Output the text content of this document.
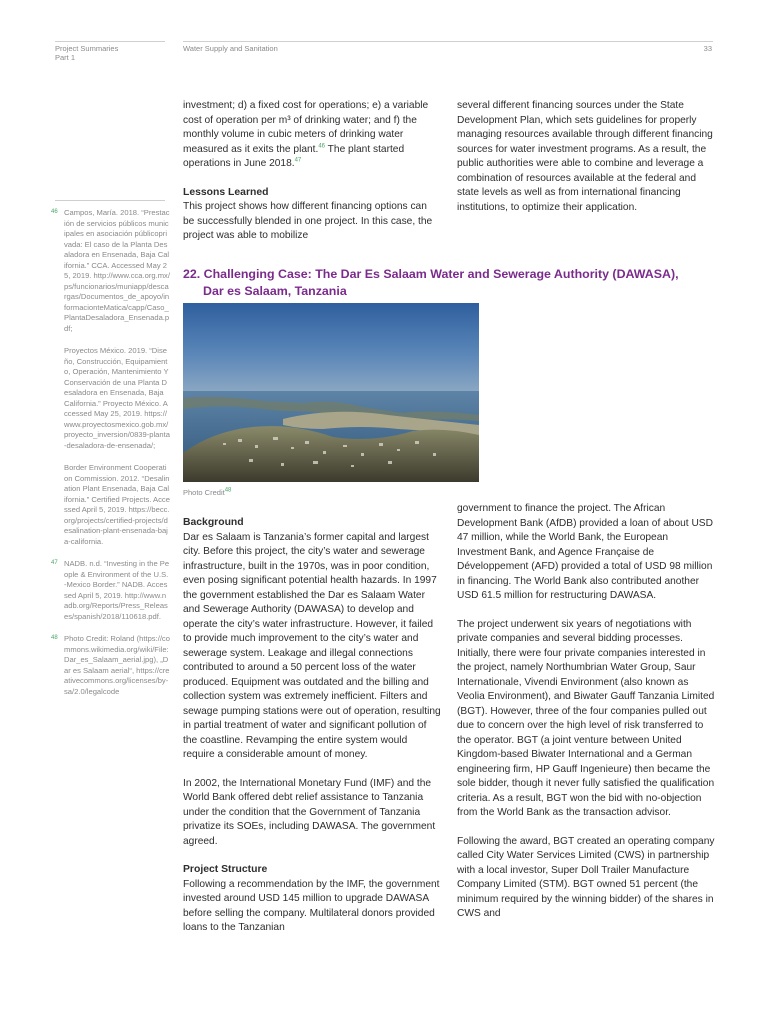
Project Summaries
Part 1
Water Supply and Sanitation	33
46 Campos, María. 2018. “Prestación de servicios públicos municipales en asociación públicoprivada: El caso de la Planta Desaladora en Ensenada, Baja California.” CCA. Accessed May 25, 2019. http://www.cca.org.mx/ps/funcionarios/muniapp/descargas/Documentos_de_apoyo/informacionteMatica/capp/Caso_PlantaDesaladora_Ensenada.pdf;
Proyectos México. 2019. “Diseño, Construcción, Equipamiento, Operación, Mantenimiento Y Conservación de una Planta Desaladora en Ensenada, Baja California.” Proyecto México. Accessed May 25, 2019. https://www.proyectosmexico.gob.mx/proyecto_inversion/0839-planta-desaladora-de-ensenada/;
Border Environment Cooperation Commission. 2012. “Desalination Plant Ensenada, Baja California.” Certified Projects. Accessed April 5, 2019. https://becc.org/projects/certified-projects/desalination-plant-ensenada-baja-california.
47 NADB. n.d. “Investing in the People & Environment of the U.S.-Mexico Border.” NADB. Accessed April 5, 2019. http://www.nadb.org/Reports/Press_Releases/spanish/2018/110618.pdf.
48 Photo Credit: Roland (https://commons.wikimedia.org/wiki/File:Dar_es_Salaam_aerial.jpg), „Dar es Salaam aerial“, https://creativecommons.org/licenses/by-sa/2.0/legalcode

investment; d) a fixed cost for operations; e) a variable cost of operation per m³ of drinking water; and f) the monthly volume in cubic meters of drinking water measured as it exits the plant.$^{46}$ The plant started operations in June 2018.47

Lessons Learned

This project shows how different financing options can be successfully blended in one project. In this case, the project was able to mobilize

several different financing sources under the State Development Plan, which sets guidelines for properly managing resources available through different financing sources for water investment programs. As a result, the public authorities were able to combine and leverage a combination of resources available at the federal and state levels as well as from international financing institutions, to optimize their application.

22. Challenging Case: The Dar Es Salaam Water and Sewerage Authority (DAWASA),
Dar es Salaam, Tanzania
Photo Credit$^{48}$
Background

Dar es Salaam is Tanzania’s former capital and largest city. Before this project, the city’s water and sewerage infrastructure, built in the 1970s, was in poor condition, even posing significant potential health hazards. In 1997 the government established the Dar es Salaam Water and Sewerage Authority (DAWASA) to develop and operate the city’s water infrastructure. However, it failed to provide much improvement to the city’s water and sewerage system. Leakage and illegal connections contributed to around a 50 percent loss of the water produced. Equipment was outdated and the billing and collection system was extremely inefficient. Filters and sewage pumping stations were out of operation, resulting in partial treatment of water and significant pollution of the coastline. Revamping the entire system would require a considerable amount of money.

In 2002, the International Monetary Fund (IMF) and the World Bank offered debt relief assistance to Tanzania under the condition that the Government of Tanzania privatize its SOEs, including DAWASA. The government agreed.

Project Structure

Following a recommendation by the IMF, the government invested around USD 145 million to upgrade DAWASA before selling the company. Multilateral donors provided loans to the Tanzanian

government to finance the project. The African Development Bank (AfDB) provided a loan of about USD 47 million, while the World Bank, the European Investment Bank, and Agence Française de Développement (AFD) provided a total of USD 98 million in financing. The World Bank also contributed another USD 61.5 million for restructuring DAWASA.

The project underwent six years of negotiations with private companies and several bidding processes. Initially, there were four private companies interested in the project, namely Northumbrian Water Group, Saur Internationale, Vivendi Environment (also known as Veolia Environment), and Biwater Gauff Tanzania Limited (BGT). However, three of the four companies pulled out due to concern over the high level of risk transferred to the operator. BGT (a joint venture between United Kingdom-based Biwater International and a German engineering firm, HP Gauff Ingenieure) then became the sole bidder, though it never fully satisfied the qualification criteria. As a result, BGT won the bid with no-objection from the World Bank as the transaction advisor.

Following the award, BGT created an operating company called City Water Services Limited (CWS) in partnership with a local investor, Super Doll Trailer Manufacture Company Limited (STM). BGT owned 51 percent (the minimum required by the winning bidder) of the shares in CWS and
